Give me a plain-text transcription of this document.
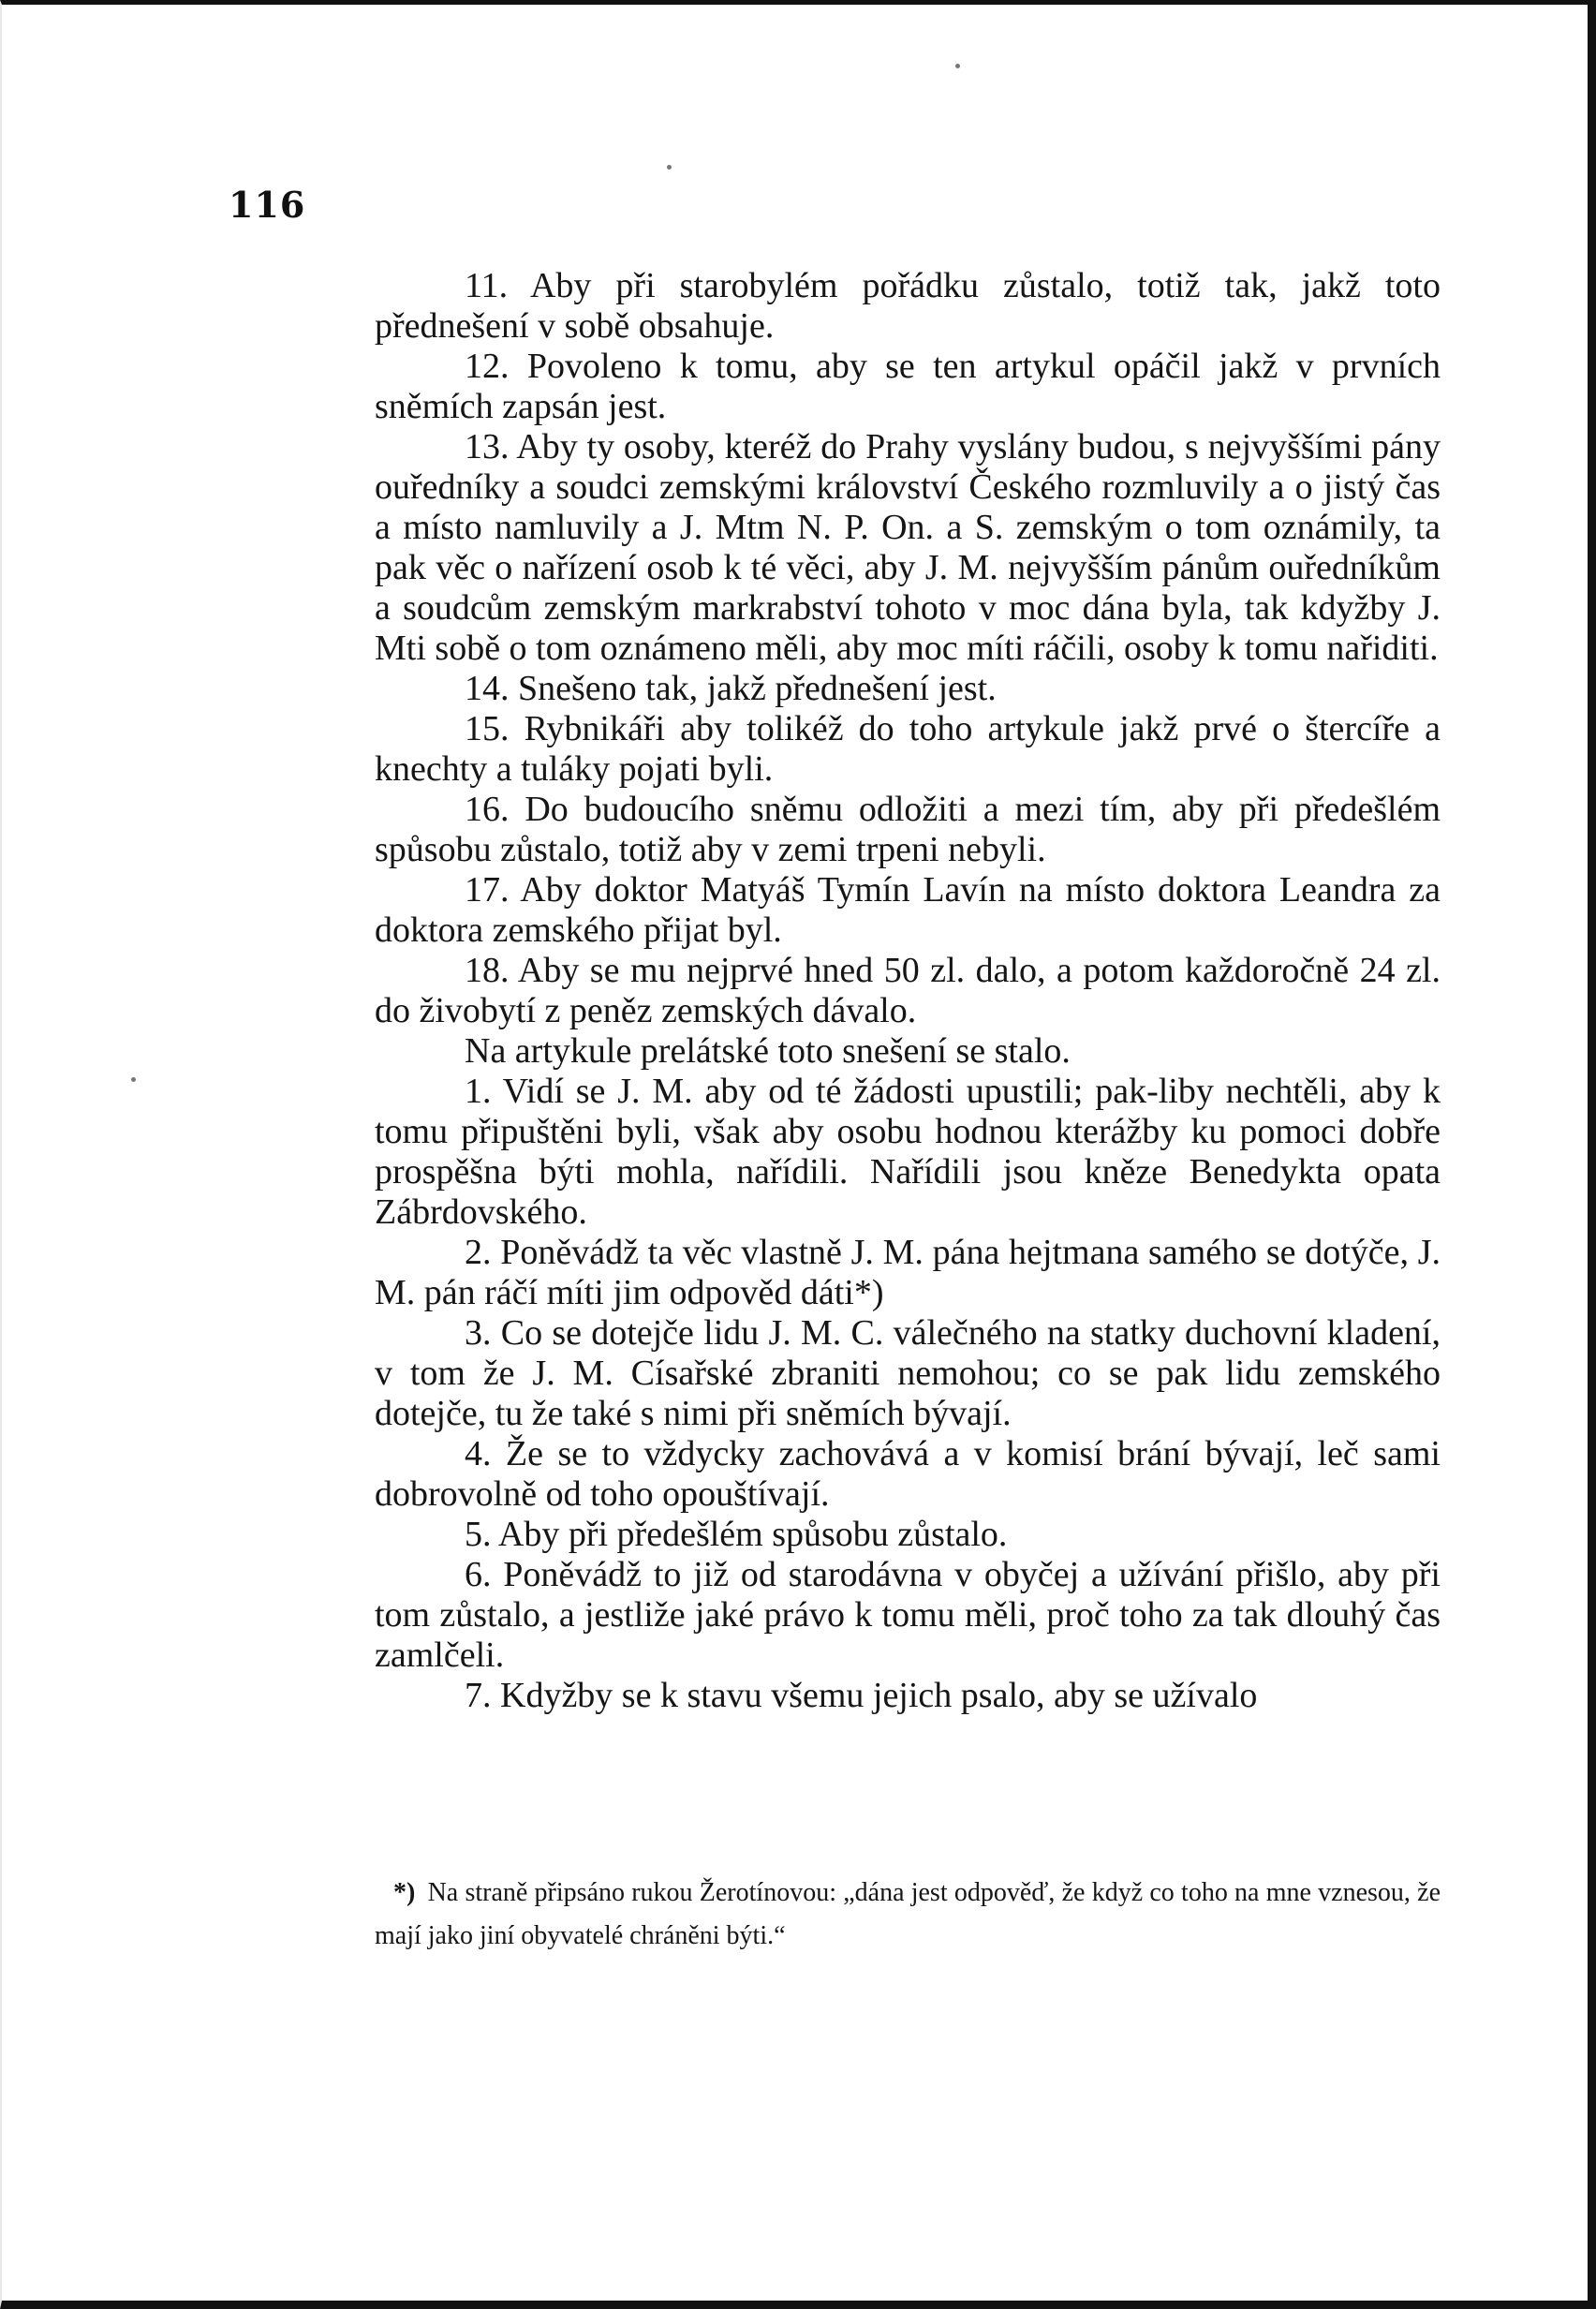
116

11. Aby při starobylém pořádku zůstalo, totiž tak, jakž toto přednešení v sobě obsahuje.

12. Povoleno k tomu, aby se ten artykul opáčil jakž v prvních sněmích zapsán jest.

13. Aby ty osoby, kteréž do Prahy vyslány budou, s nejvyššími pány ouředníky a soudci zemskými království Českého rozmluvily a o jistý čas a místo namluvily a J. Mtm N. P. On. a S. zemským o tom oznámily, ta pak věc o nařízení osob k té věci, aby J. M. nejvyšším pánům ouředníkům a soudcům zemským markrabství tohoto v moc dána byla, tak kdyžby J. Mti sobě o tom oznámeno měli, aby moc míti ráčili, osoby k tomu nařiditi.

14. Snešeno tak, jakž přednešení jest.

15. Rybnikáři aby tolikéž do toho artykule jakž prvé o štercíře a knechty a tuláky pojati byli.

16. Do budoucího sněmu odložiti a mezi tím, aby při předešlém spůsobu zůstalo, totiž aby v zemi trpeni nebyli.

17. Aby doktor Matyáš Tymín Lavín na místo doktora Leandra za doktora zemského přijat byl.

18. Aby se mu nejprvé hned 50 zl. dalo, a potom každoročně 24 zl. do živobytí z peněz zemských dávalo.

Na artykule prelátské toto snešení se stalo.

1. Vidí se J. M. aby od té žádosti upustili; pak-liby nechtěli, aby k tomu připuštěni byli, však aby osobu hodnou kterážby ku pomoci dobře prospěšna býti mohla, nařídili. Nařídili jsou kněze Benedykta opata Zábrdovského.

2. Poněvádž ta věc vlastně J. M. pána hejtmana samého se dotýče, J. M. pán ráčí míti jim odpověd dáti*)

3. Co se dotejče lidu J. M. C. válečného na statky duchovní kladení, v tom že J. M. Císařské zbraniti nemohou; co se pak lidu zemského dotejče, tu že také s nimi při sněmích bývají.

4. Že se to vždycky zachovává a v komisí brání bývají, leč sami dobrovolně od toho opouštívají.

5. Aby při předešlém spůsobu zůstalo.

6. Poněvádž to již od starodávna v obyčej a užívání přišlo, aby při tom zůstalo, a jestliže jaké právo k tomu měli, proč toho za tak dlouhý čas zamlčeli.

7. Kdyžby se k stavu všemu jejich psalo, aby se užívalo

*) Na straně připsáno rukou Žerotínovou: „dána jest odpověď, že když co toho na mne vznesou, že mají jako jiní obyvatelé chráněni býti.“
